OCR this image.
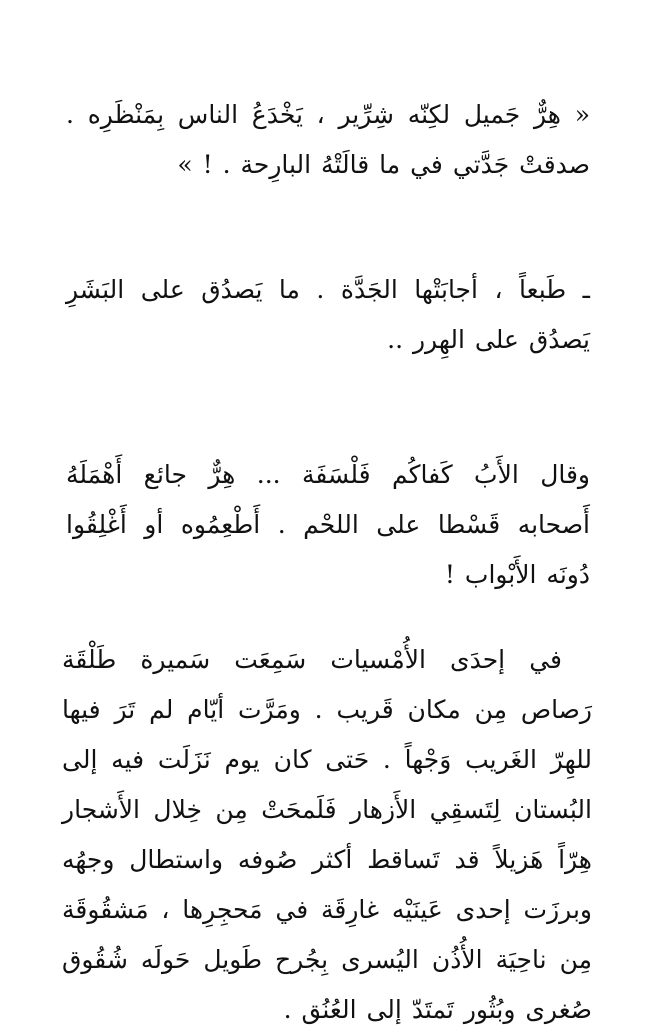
« هِرٌّ جَميل لكِنّه شِرِّير ، يَخْدَعُ الناس بِمَنْظَرِه . صدقتْ جَدَّتي في ما قالَتْهُ البارِحة . ! »

ـ طَبعاً ، أجابَتْها الجَدَّة . ما يَصدُق على البَشَرِ يَصدُق على الهِرر ..

وقال الأَبُ كَفاكُم فَلْسَفَة ... هِرٌّ جائع أَهْمَلَهُ أَصحابه قَسْطا على اللحْم . أَطْعِمُوه أو أَغْلِقُوا دُونَه الأَبْواب !

في إحدَى الأُمْسيات سَمِعَت سَميرة طَلْقَة رَصاص مِن مكان قَريب . ومَرَّت أيّام لم تَرَ فيها للهِرّ الغَريب وَجْهاً . حَتى كان يوم نَزَلَت فيه إلى البُستان لِتَسقِي الأَزهار فَلَمحَتْ مِن خِلال الأَشجار هِرّاً هَزيلاً قد تَساقط أكثر صُوفه واستطال وجهُه وبرزَت إحدى عَينَيْه غارِقَة في مَحجِرِها ، مَشقُوقَة مِن ناحِيَة الأُذُن اليُسرى بِجُرح طَويل حَولَه شُقُوق صُغرى وبُثُور تَمتَدّ إلى العُنُق .
